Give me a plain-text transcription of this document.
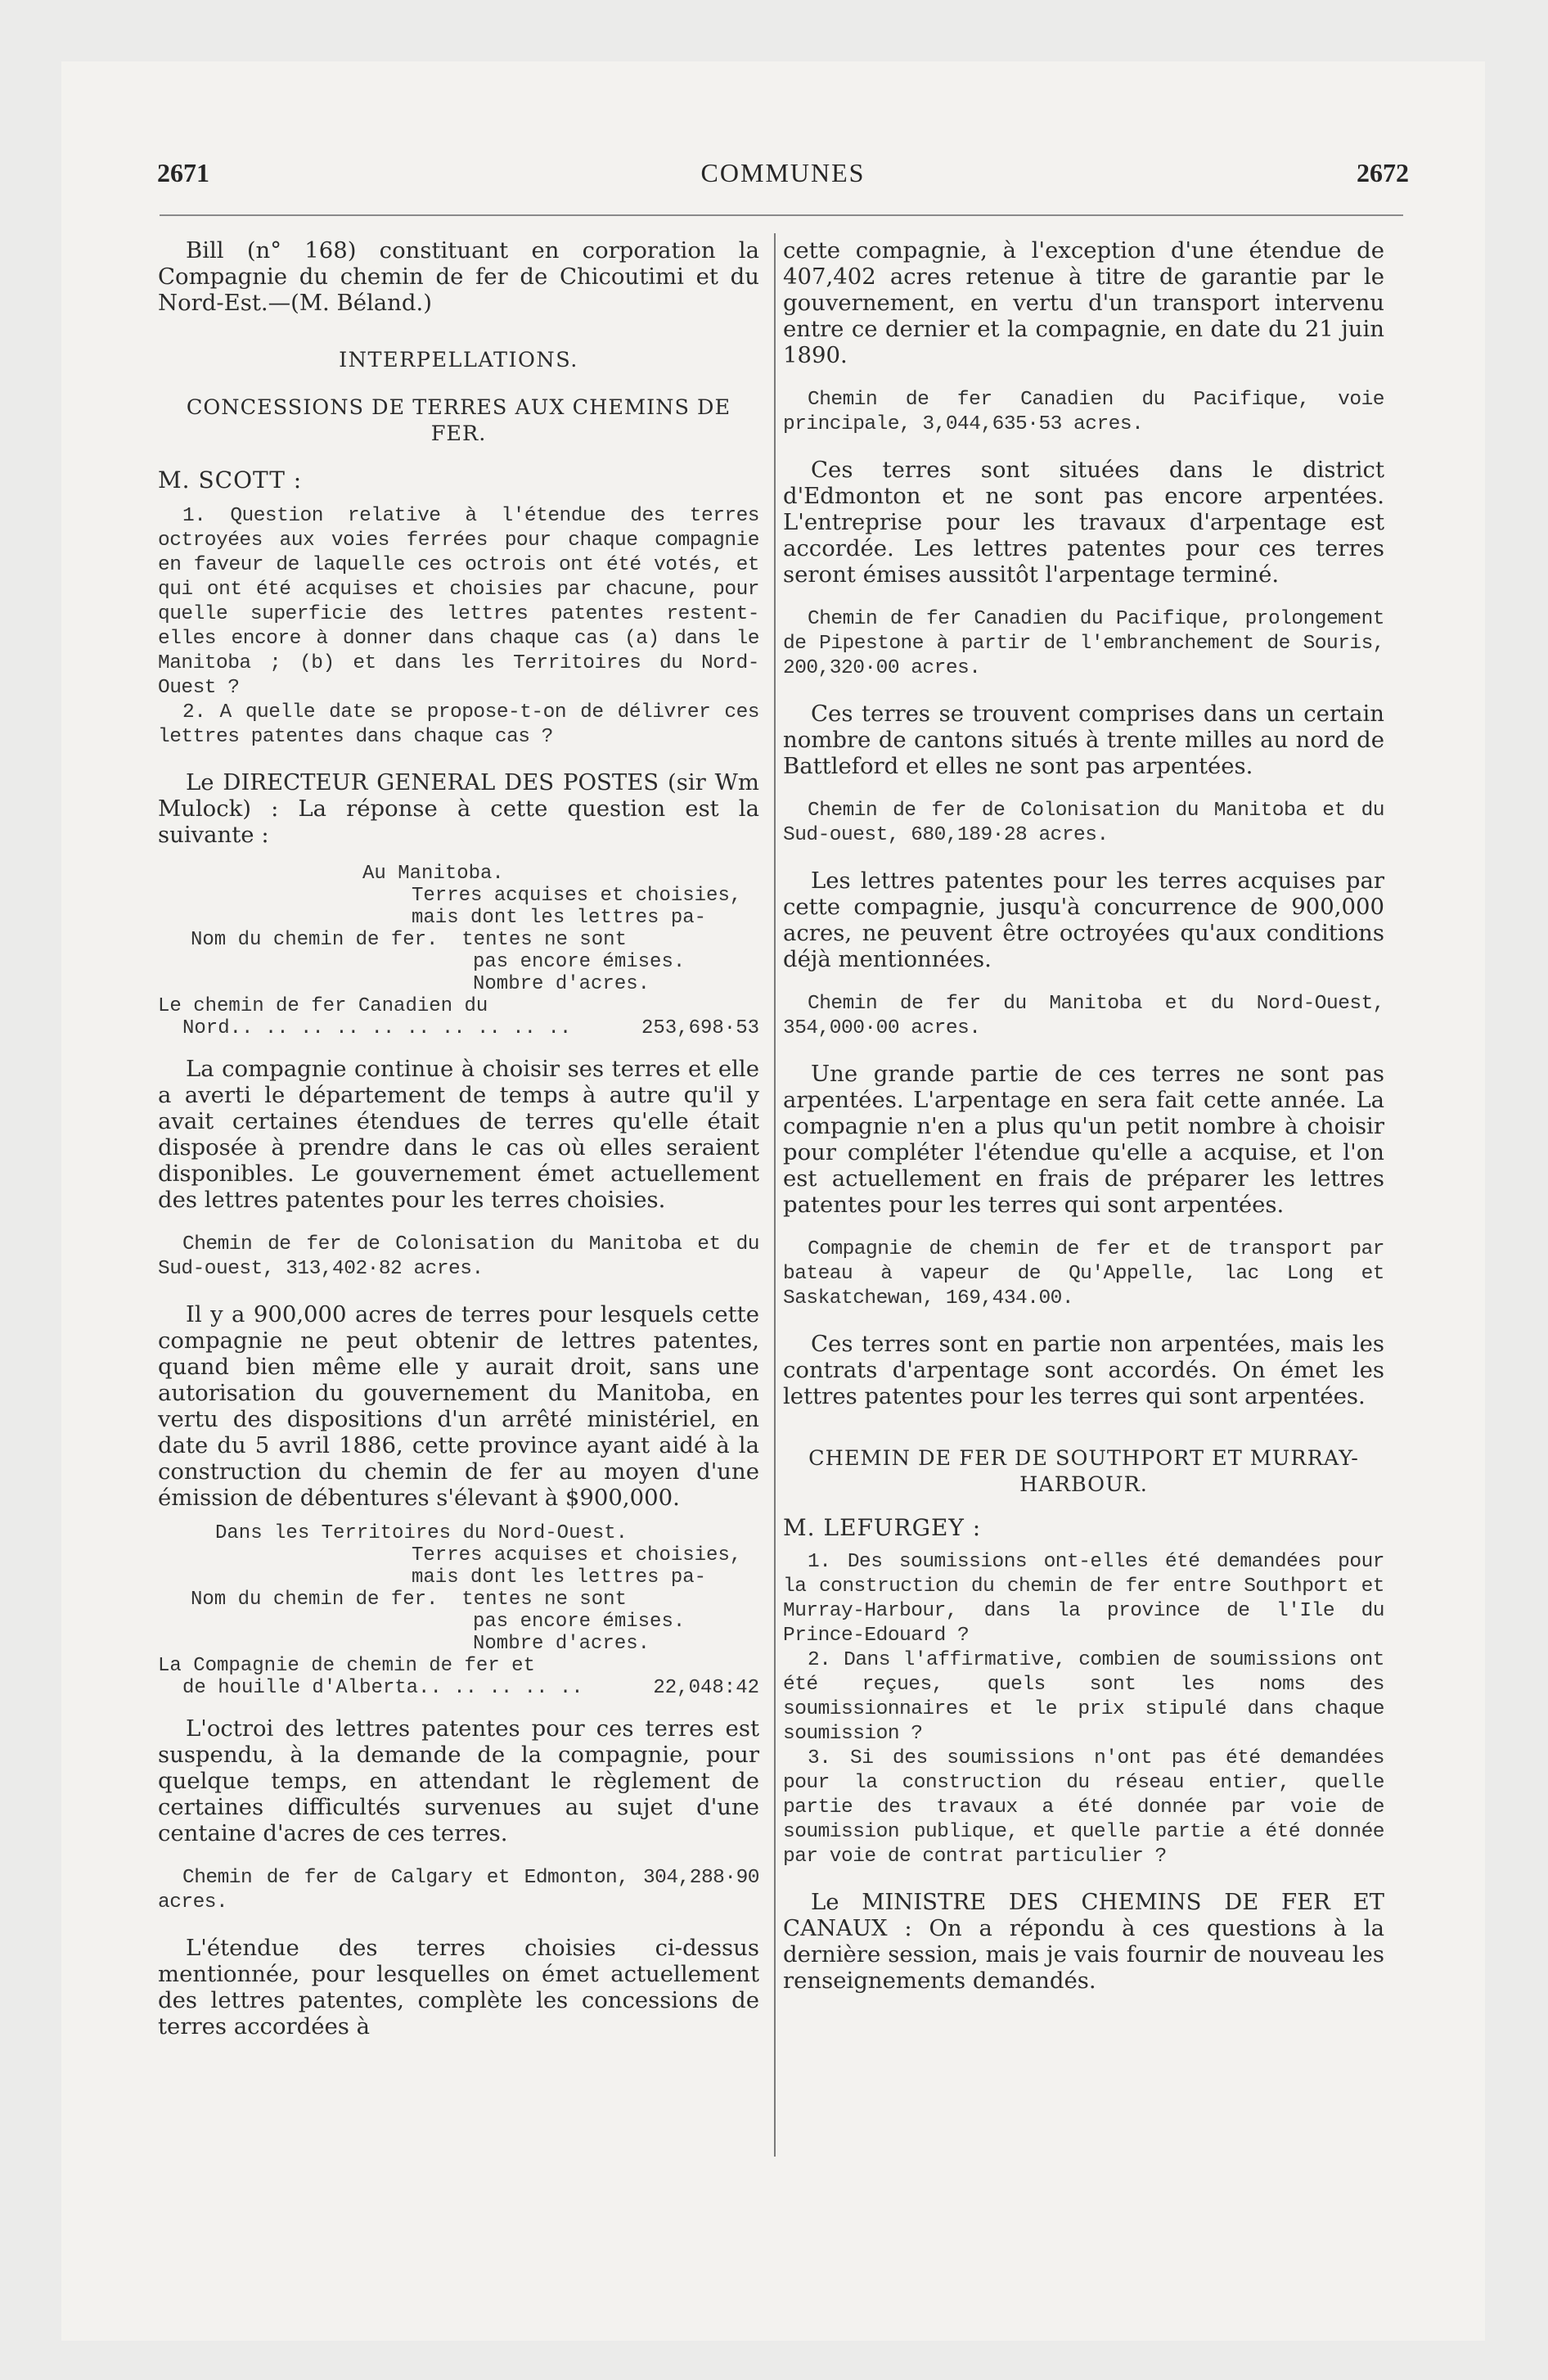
2671	COMMUNES	2672

Bill (n° 168) constituant en corporation la Compagnie du chemin de fer de Chicoutimi et du Nord-Est.—(M. Béland.)

INTERPELLATIONS.

CONCESSIONS DE TERRES AUX CHEMINS DE FER.

M. SCOTT :

1. Question relative à l'étendue des terres octroyées aux voies ferrées pour chaque compagnie en faveur de laquelle ces octrois ont été votés, et qui ont été acquises et choisies par chacune, pour quelle superficie des lettres patentes restent-elles encore à donner dans chaque cas (a) dans le Manitoba ; (b) et dans les Territoires du Nord-Ouest ?

2. A quelle date se propose-t-on de délivrer ces lettres patentes dans chaque cas ?

Le DIRECTEUR GENERAL DES POSTES (sir Wm Mulock) : La réponse à cette question est la suivante :

Au Manitoba.
Terres acquises et choisies,
mais dont les lettres pa-
Nom du chemin de fer. tentes ne sont
pas encore émises.
Nombre d'acres.
Le chemin de fer Canadien du
Nord.. .. .. .. .. .. .. .. .. ..	253,698·53

La compagnie continue à choisir ses terres et elle a averti le département de temps à autre qu'il y avait certaines étendues de terres qu'elle était disposée à prendre dans le cas où elles seraient disponibles. Le gouvernement émet actuellement des lettres patentes pour les terres choisies.

Chemin de fer de Colonisation du Manitoba et du Sud-ouest, 313,402·82 acres.

Il y a 900,000 acres de terres pour lesquels cette compagnie ne peut obtenir de lettres patentes, quand bien même elle y aurait droit, sans une autorisation du gouvernement du Manitoba, en vertu des dispositions d'un arrêté ministériel, en date du 5 avril 1886, cette province ayant aidé à la construction du chemin de fer au moyen d'une émission de débentures s'élevant à $900,000.

Dans les Territoires du Nord-Ouest.
Terres acquises et choisies,
mais dont les lettres pa-
Nom du chemin de fer. tentes ne sont
pas encore émises.
Nombre d'acres.
La Compagnie de chemin de fer et
de houille d'Alberta.. .. .. .. ..	22,048:42

L'octroi des lettres patentes pour ces terres est suspendu, à la demande de la compagnie, pour quelque temps, en attendant le règlement de certaines difficultés survenues au sujet d'une centaine d'acres de ces terres.

Chemin de fer de Calgary et Edmonton, 304,288·90 acres.

L'étendue des terres choisies ci-dessus mentionnée, pour lesquelles on émet actuellement des lettres patentes, complète les concessions de terres accordées à

cette compagnie, à l'exception d'une étendue de 407,402 acres retenue à titre de garantie par le gouvernement, en vertu d'un transport intervenu entre ce dernier et la compagnie, en date du 21 juin 1890.

Chemin de fer Canadien du Pacifique, voie principale, 3,044,635·53 acres.

Ces terres sont situées dans le district d'Edmonton et ne sont pas encore arpentées. L'entreprise pour les travaux d'arpentage est accordée. Les lettres patentes pour ces terres seront émises aussitôt l'arpentage terminé.

Chemin de fer Canadien du Pacifique, prolongement de Pipestone à partir de l'embranchement de Souris, 200,320·00 acres.

Ces terres se trouvent comprises dans un certain nombre de cantons situés à trente milles au nord de Battleford et elles ne sont pas arpentées.

Chemin de fer de Colonisation du Manitoba et du Sud-ouest, 680,189·28 acres.

Les lettres patentes pour les terres acquises par cette compagnie, jusqu'à concurrence de 900,000 acres, ne peuvent être octroyées qu'aux conditions déjà mentionnées.

Chemin de fer du Manitoba et du Nord-Ouest, 354,000·00 acres.

Une grande partie de ces terres ne sont pas arpentées. L'arpentage en sera fait cette année. La compagnie n'en a plus qu'un petit nombre à choisir pour compléter l'étendue qu'elle a acquise, et l'on est actuellement en frais de préparer les lettres patentes pour les terres qui sont arpentées.

Compagnie de chemin de fer et de transport par bateau à vapeur de Qu'Appelle, lac Long et Saskatchewan, 169,434.00.

Ces terres sont en partie non arpentées, mais les contrats d'arpentage sont accordés. On émet les lettres patentes pour les terres qui sont arpentées.

CHEMIN DE FER DE SOUTHPORT ET MURRAY-HARBOUR.

M. LEFURGEY :

1. Des soumissions ont-elles été demandées pour la construction du chemin de fer entre Southport et Murray-Harbour, dans la province de l'Ile du Prince-Edouard ?

2. Dans l'affirmative, combien de soumissions ont été reçues, quels sont les noms des soumissionnaires et le prix stipulé dans chaque soumission ?

3. Si des soumissions n'ont pas été demandées pour la construction du réseau entier, quelle partie des travaux a été donnée par voie de soumission publique, et quelle partie a été donnée par voie de contrat particulier ?

Le MINISTRE DES CHEMINS DE FER ET CANAUX : On a répondu à ces questions à la dernière session, mais je vais fournir de nouveau les renseignements demandés.
